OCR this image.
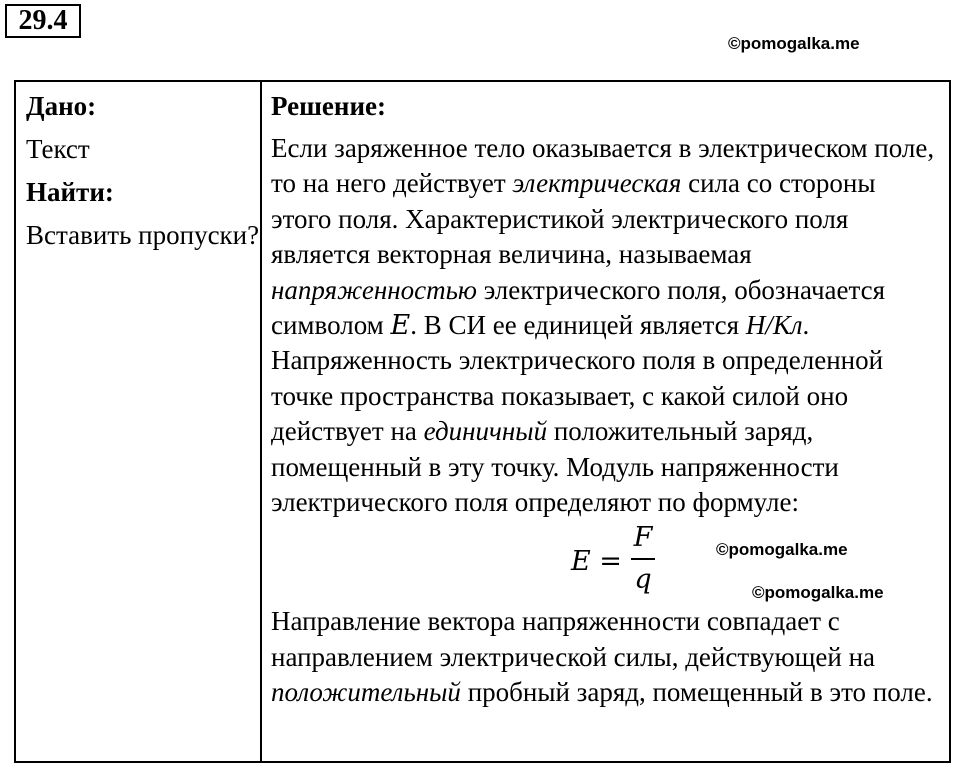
29.4
©pomogalka.me
Дано:
Текст
Найти:
Вставить пропуски?

Решение:
Если заряженное тело оказывается в электрическом поле, то на него действует электрическая сила со стороны этого поля. Характеристикой электрического поля является векторная величина, называемая напряженностью электрического поля, обозначается символом E. В СИ ее единицей является Н/Кл. Напряженность электрического поля в определенной точке пространства показывает, с какой силой оно действует на единичный положительный заряд, помещенный в эту точку. Модуль напряженности электрического поля определяют по формуле:
E =
F
q
Направление вектора напряженности совпадает с направлением электрической силы, действующей на положительный пробный заряд, помещенный в это поле.
©pomogalka.me
©pomogalka.me
